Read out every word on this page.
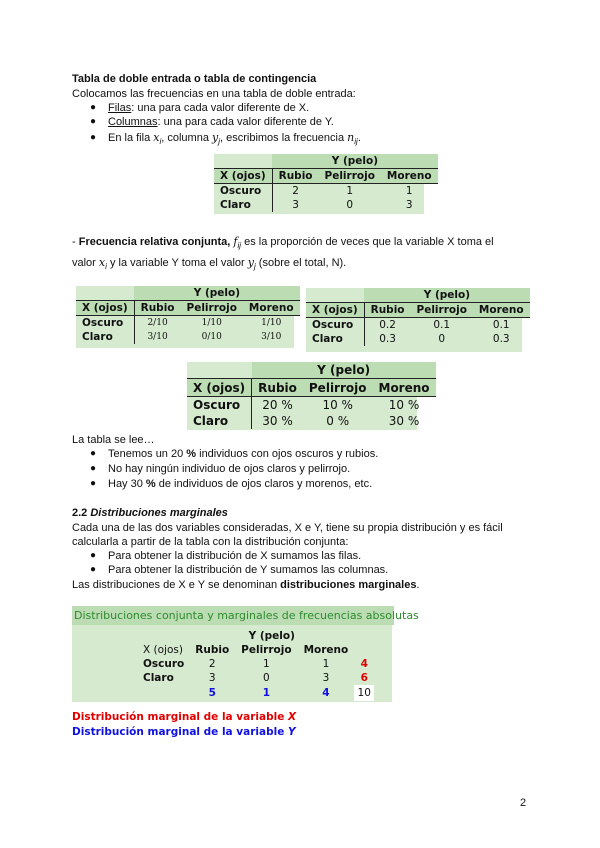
Tabla de doble entrada o tabla de contingencia
Colocamos las frecuencias en una tabla de doble entrada:
● Filas: una para cada valor diferente de X.
● Columnas: una para cada valor diferente de Y.
● En la fila $x_i$, columna $y_j$, escribimos la frecuencia $n_{ij}$.
	Y (pelo)		
X (ojos)	Rubio	Pelirrojo	Moreno
Oscuro	2	1	1
Claro	3	0	3
- Frecuencia relativa conjunta, $f_{ij}$ es la proporción de veces que la variable X toma el
valor $x_i$ y la variable Y toma el valor $y_j$ (sobre el total, N).
	Y (pelo)		
X (ojos)	Rubio	Pelirrojo	Moreno
Oscuro	2/10	1/10	1/10
Claro	3/10	0/10	3/10
	Y (pelo)		
X (ojos)	Rubio	Pelirrojo	Moreno
Oscuro	0.2	0.1	0.1
Claro	0.3	0	0.3
	Y (pelo)		
X (ojos)	Rubio	Pelirrojo	Moreno
Oscuro	20 %	10 %	10 %
Claro	30 %	0 %	30 %
La tabla se lee…
● Tenemos un 20 % individuos con ojos oscuros y rubios.
● No hay ningún individuo de ojos claros y pelirrojo.
● Hay 30 % de individuos de ojos claros y morenos, etc.
2.2 Distribuciones marginales
Cada una de las dos variables consideradas, X e Y, tiene su propia distribución y es fácil
calcularla a partir de la tabla con la distribución conjunta:
● Para obtener la distribución de X sumamos las filas.
● Para obtener la distribución de Y sumamos las columnas.
Las distribuciones de X e Y se denominan distribuciones marginales.
Distribuciones conjunta y marginales de frecuencias absolutas
	Y (pelo)			
X (ojos)	Rubio	Pelirrojo	Moreno	
Oscuro	2	1	1	4
Claro	3	0	3	6
	5	1	4	10
Distribución marginal de la variable X
Distribución marginal de la variable Y
2
